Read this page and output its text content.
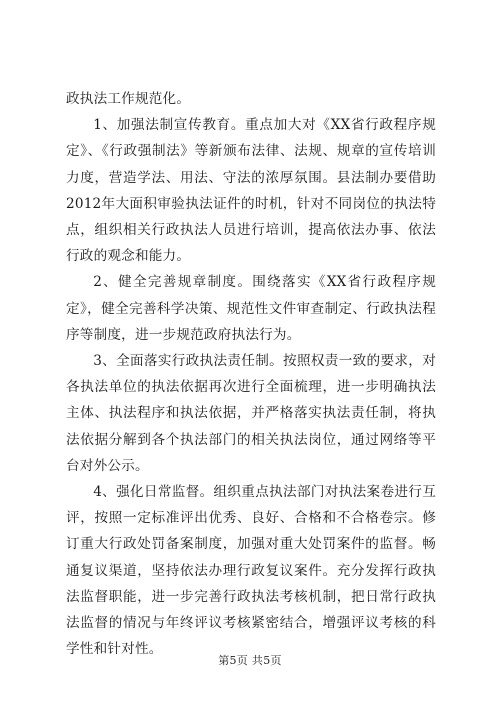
政执法工作规范化。

1、加强法制宣传教育。重点加大对《XX省行政程序规定》、《行政强制法》等新颁布法律、法规、规章的宣传培训力度，营造学法、用法、守法的浓厚氛围。县法制办要借助2012年大面积审验执法证件的时机，针对不同岗位的执法特点，组织相关行政执法人员进行培训，提高依法办事、依法行政的观念和能力。

2、健全完善规章制度。围绕落实《XX省行政程序规定》，健全完善科学决策、规范性文件审查制定、行政执法程序等制度，进一步规范政府执法行为。

3、全面落实行政执法责任制。按照权责一致的要求，对各执法单位的执法依据再次进行全面梳理，进一步明确执法主体、执法程序和执法依据，并严格落实执法责任制，将执法依据分解到各个执法部门的相关执法岗位，通过网络等平台对外公示。

4、强化日常监督。组织重点执法部门对执法案卷进行互评，按照一定标准评出优秀、良好、合格和不合格卷宗。修订重大行政处罚备案制度，加强对重大处罚案件的监督。畅通复议渠道，坚持依法办理行政复议案件。充分发挥行政执法监督职能，进一步完善行政执法考核机制，把日常行政执法监督的情况与年终评议考核紧密结合，增强评议考核的科学性和针对性。

第5页 共5页
